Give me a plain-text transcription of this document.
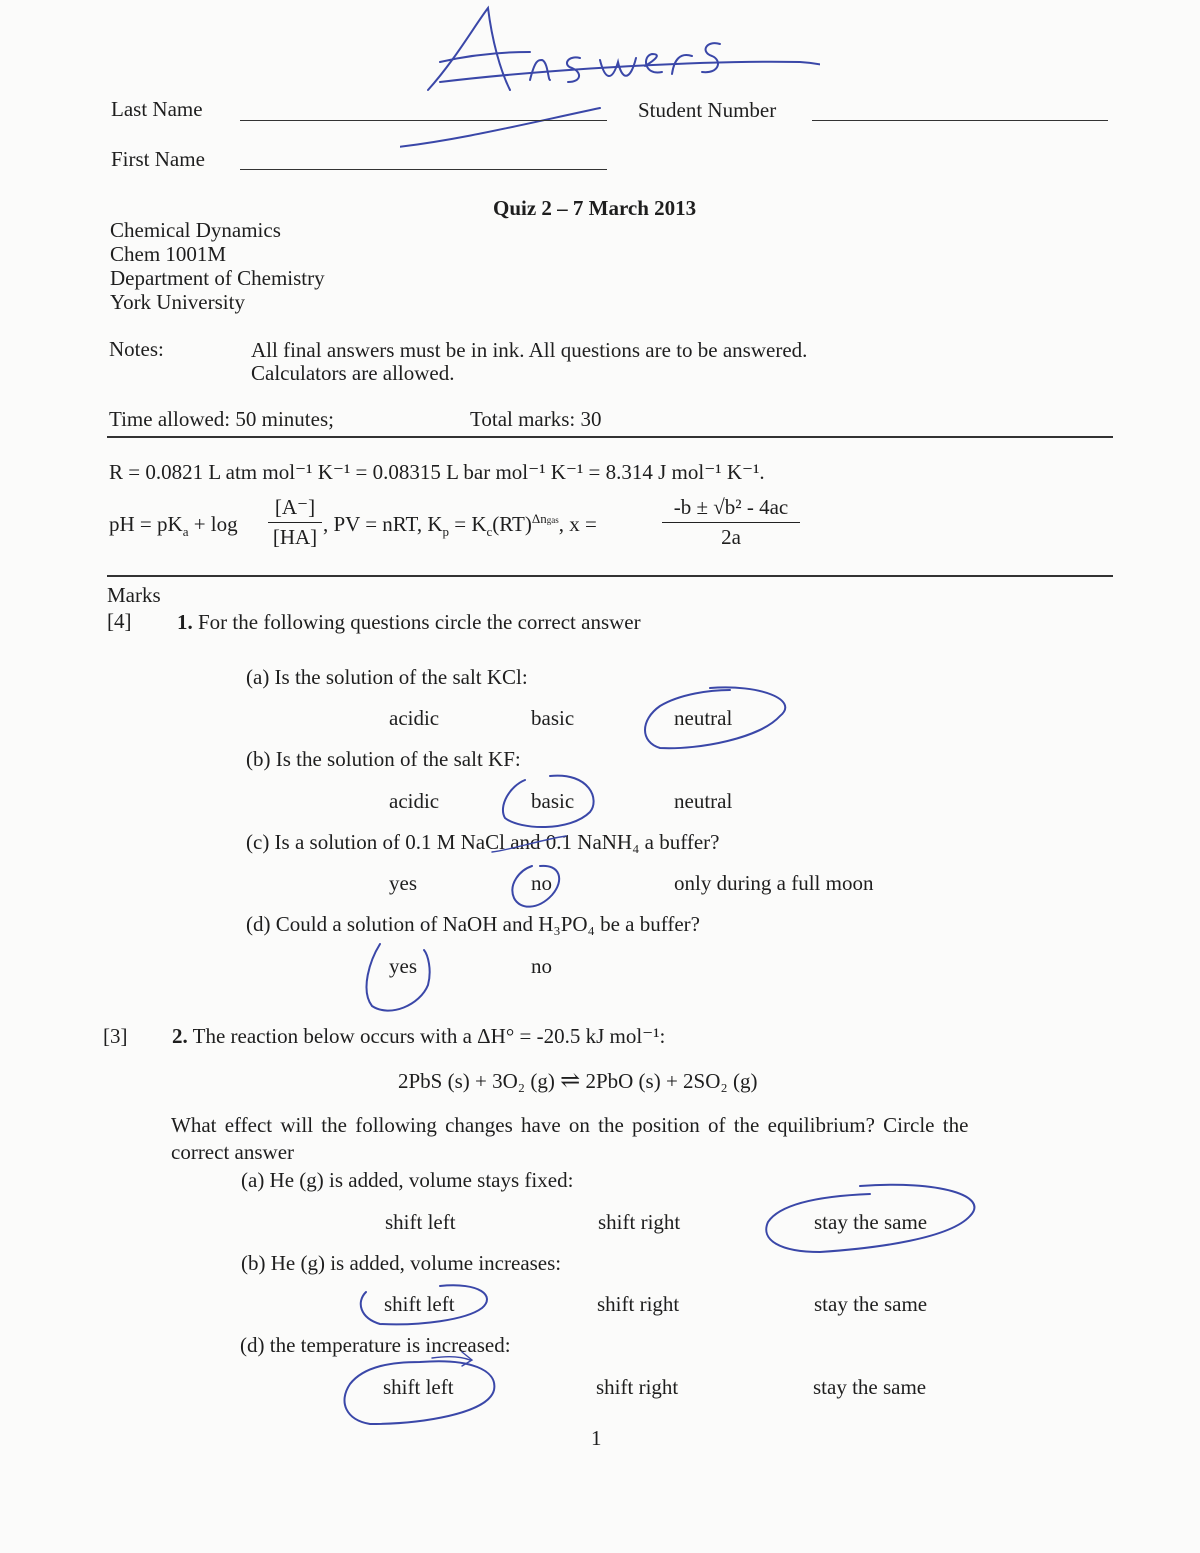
Last Name	Student Number
First Name
Quiz 2 – 7 March 2013
Chemical Dynamics
Chem 1001M
Department of Chemistry
York University
Notes:	All final answers must be in ink. All questions are to be answered.
Calculators are allowed.
Time allowed: 50 minutes;	Total marks: 30
R = 0.0821 L atm mol⁻¹ K⁻¹ = 0.08315 L bar mol⁻¹ K⁻¹ = 8.314 J mol⁻¹ K⁻¹.
pH = $pK_a + \log$
[A⁻]
[HA]
, PV = nRT, $K_p = K_c(RT)^{\Delta ngas}$, x =
-b ± √b² - 4ac
2a
Marks
[4] 1. For the following questions circle the correct answer
(a) Is the solution of the salt KCl:
acidic	basic	neutral
(b) Is the solution of the salt KF:
acidic	basic	neutral
(c) Is a solution of 0.1 M NaCl and 0.1 NaNH₄ a buffer?
yes	no	only during a full moon
(d) Could a solution of NaOH and H₃PO₄ be a buffer?
yes	no
[3] 2. The reaction below occurs with a ΔH° = -20.5 kJ mol⁻¹:
2PbS (s) + 3O₂ (g) ⇌ 2PbO (s) + 2SO₂ (g)
What effect will the following changes have on the position of the equilibrium? Circle the
correct answer
(a) He (g) is added, volume stays fixed:
shift left	shift right	stay the same
(b) He (g) is added, volume increases:
shift left	shift right	stay the same
(d) the temperature is increased:
shift left	shift right	stay the same
1
